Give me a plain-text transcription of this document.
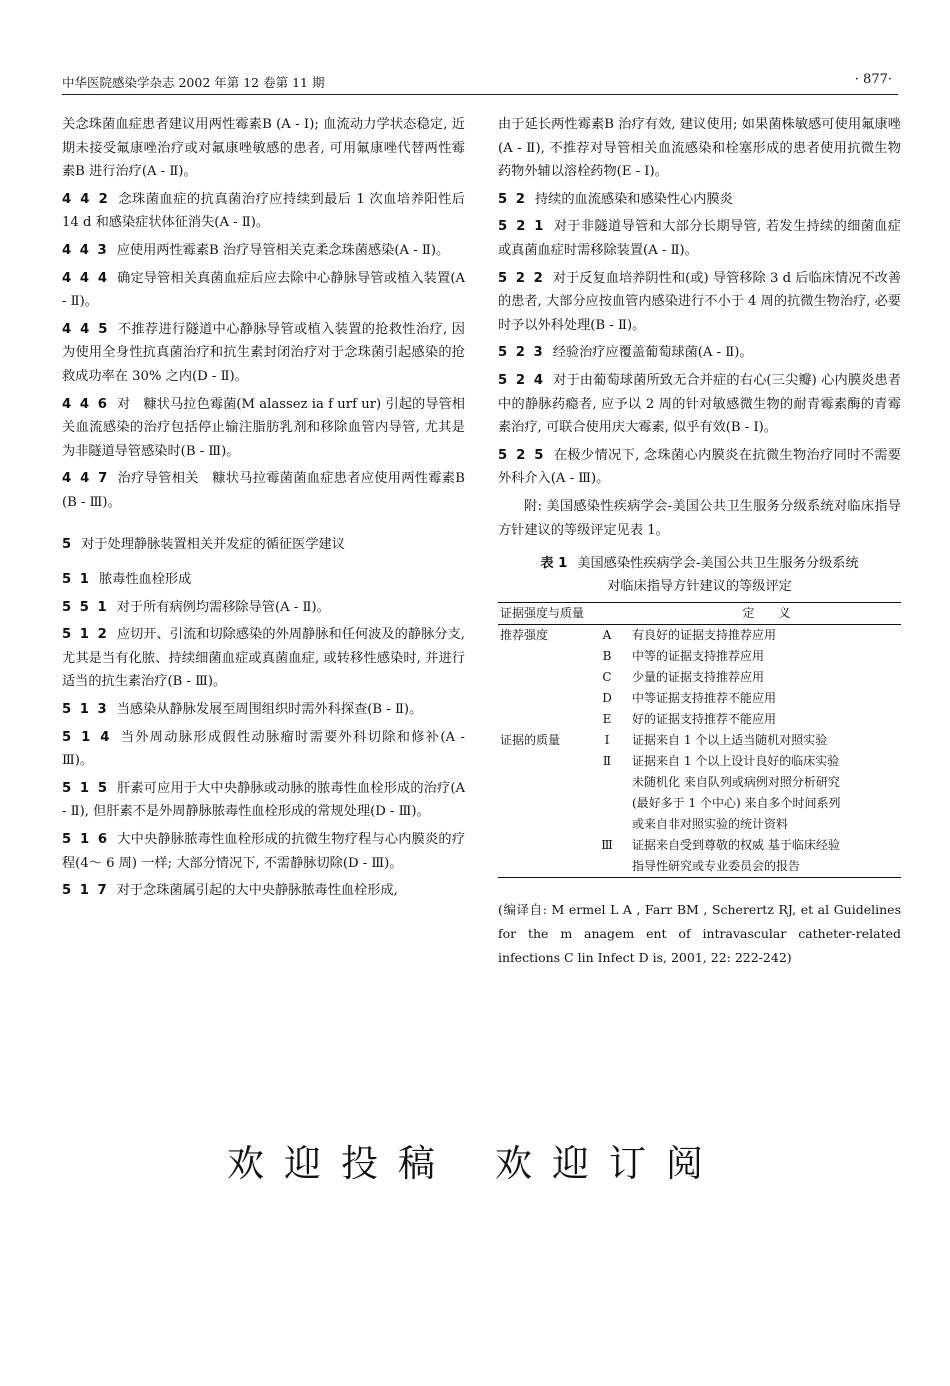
中华医院感染学杂志 2002 年第 12 卷第 11 期	· 877·

关念珠菌血症患者建议用两性霉素B (A - Ⅰ); 血流动力学状态稳定, 近期未接受氟康唑治疗或对氟康唑敏感的患者, 可用氟康唑代替两性霉素B 进行治疗(A - Ⅱ)。

4 4 2 念珠菌血症的抗真菌治疗应持续到最后 1 次血培养阳性后 14 d 和感染症状体征消失(A - Ⅱ)。

4 4 3 应使用两性霉素B 治疗导管相关克柔念珠菌感染(A - Ⅱ)。

4 4 4 确定导管相关真菌血症后应去除中心静脉导管或植入装置(A - Ⅱ)。

4 4 5 不推荐进行隧道中心静脉导管或植入装置的抢救性治疗, 因为使用全身性抗真菌治疗和抗生素封闭治疗对于念珠菌引起感染的抢救成功率在 30% 之内(D - Ⅱ)。

4 4 6 对　糠状马拉色霉菌(M alassez ia f urf ur) 引起的导管相关血流感染的治疗包括停止输注脂肪乳剂和移除血管内导管, 尤其是为非隧道导管感染时(B - Ⅲ)。

4 4 7 治疗导管相关　糠状马拉霉菌菌血症患者应使用两性霉素B (B - Ⅲ)。

5 对于处理静脉装置相关并发症的循征医学建议

5 1 脓毒性血栓形成

5 5 1 对于所有病例均需移除导管(A - Ⅱ)。

5 1 2 应切开、引流和切除感染的外周静脉和任何波及的静脉分支, 尤其是当有化脓、持续细菌血症或真菌血症, 或转移性感染时, 并进行适当的抗生素治疗(B - Ⅲ)。

5 1 3 当感染从静脉发展至周围组织时需外科探查(B - Ⅱ)。

5 1 4 当外周动脉形成假性动脉瘤时需要外科切除和修补(A - Ⅲ)。

5 1 5 肝素可应用于大中央静脉或动脉的脓毒性血栓形成的治疗(A - Ⅱ), 但肝素不是外周静脉脓毒性血栓形成的常规处理(D - Ⅲ)。

5 1 6 大中央静脉脓毒性血栓形成的抗微生物疗程与心内膜炎的疗程(4～ 6 周) 一样; 大部分情况下, 不需静脉切除(D - Ⅲ)。

5 1 7 对于念珠菌属引起的大中央静脉脓毒性血栓形成,

由于延长两性霉素B 治疗有效, 建议使用; 如果菌株敏感可使用氟康唑(A - Ⅱ), 不推荐对导管相关血流感染和栓塞形成的患者使用抗微生物药物外辅以溶栓药物(E - Ⅰ)。

5 2 持续的血流感染和感染性心内膜炎

5 2 1 对于非隧道导管和大部分长期导管, 若发生持续的细菌血症或真菌血症时需移除装置(A - Ⅱ)。

5 2 2 对于反复血培养阴性和(或) 导管移除 3 d 后临床情况不改善的患者, 大部分应按血管内感染进行不小于 4 周的抗微生物治疗, 必要时予以外科处理(B - Ⅱ)。

5 2 3 经验治疗应覆盖葡萄球菌(A - Ⅱ)。

5 2 4 对于由葡萄球菌所致无合并症的右心(三尖瓣) 心内膜炎患者中的静脉药瘾者, 应予以 2 周的针对敏感微生物的耐青霉素酶的青霉素治疗, 可联合使用庆大霉素, 似乎有效(B - Ⅰ)。

5 2 5 在极少情况下, 念珠菌心内膜炎在抗微生物治疗同时不需要外科介入(A - Ⅲ)。

附: 美国感染性疾病学会-美国公共卫生服务分级系统对临床指导方针建议的等级评定见表 1。

表 1 美国感染性疾病学会-美国公共卫生服务分级系统
对临床指导方针建议的等级评定
证据强度与质量		定　　义
推荐强度	A	有良好的证据支持推荐应用
	B	中等的证据支持推荐应用
	C	少量的证据支持推荐应用
	D	中等证据支持推荐不能应用
	E	好的证据支持推荐不能应用
证据的质量	Ⅰ	证据来自 1 个以上适当随机对照实验
	Ⅱ	证据来自 1 个以上设计良好的临床实验
		未随机化 来自队列或病例对照分析研究
		(最好多于 1 个中心) 来自多个时间系列
		或来自非对照实验的统计资料
	Ⅲ	证据来自受到尊敬的权威 基于临床经验
		指导性研究或专业委员会的报告

(编译自: M ermel L A , Farr BM , Scherertz RJ, et al Guidelines for the m anagem ent of intravascular catheter-related infections C lin Infect D is, 2001, 22: 222-242)

欢迎投稿 欢迎订阅
